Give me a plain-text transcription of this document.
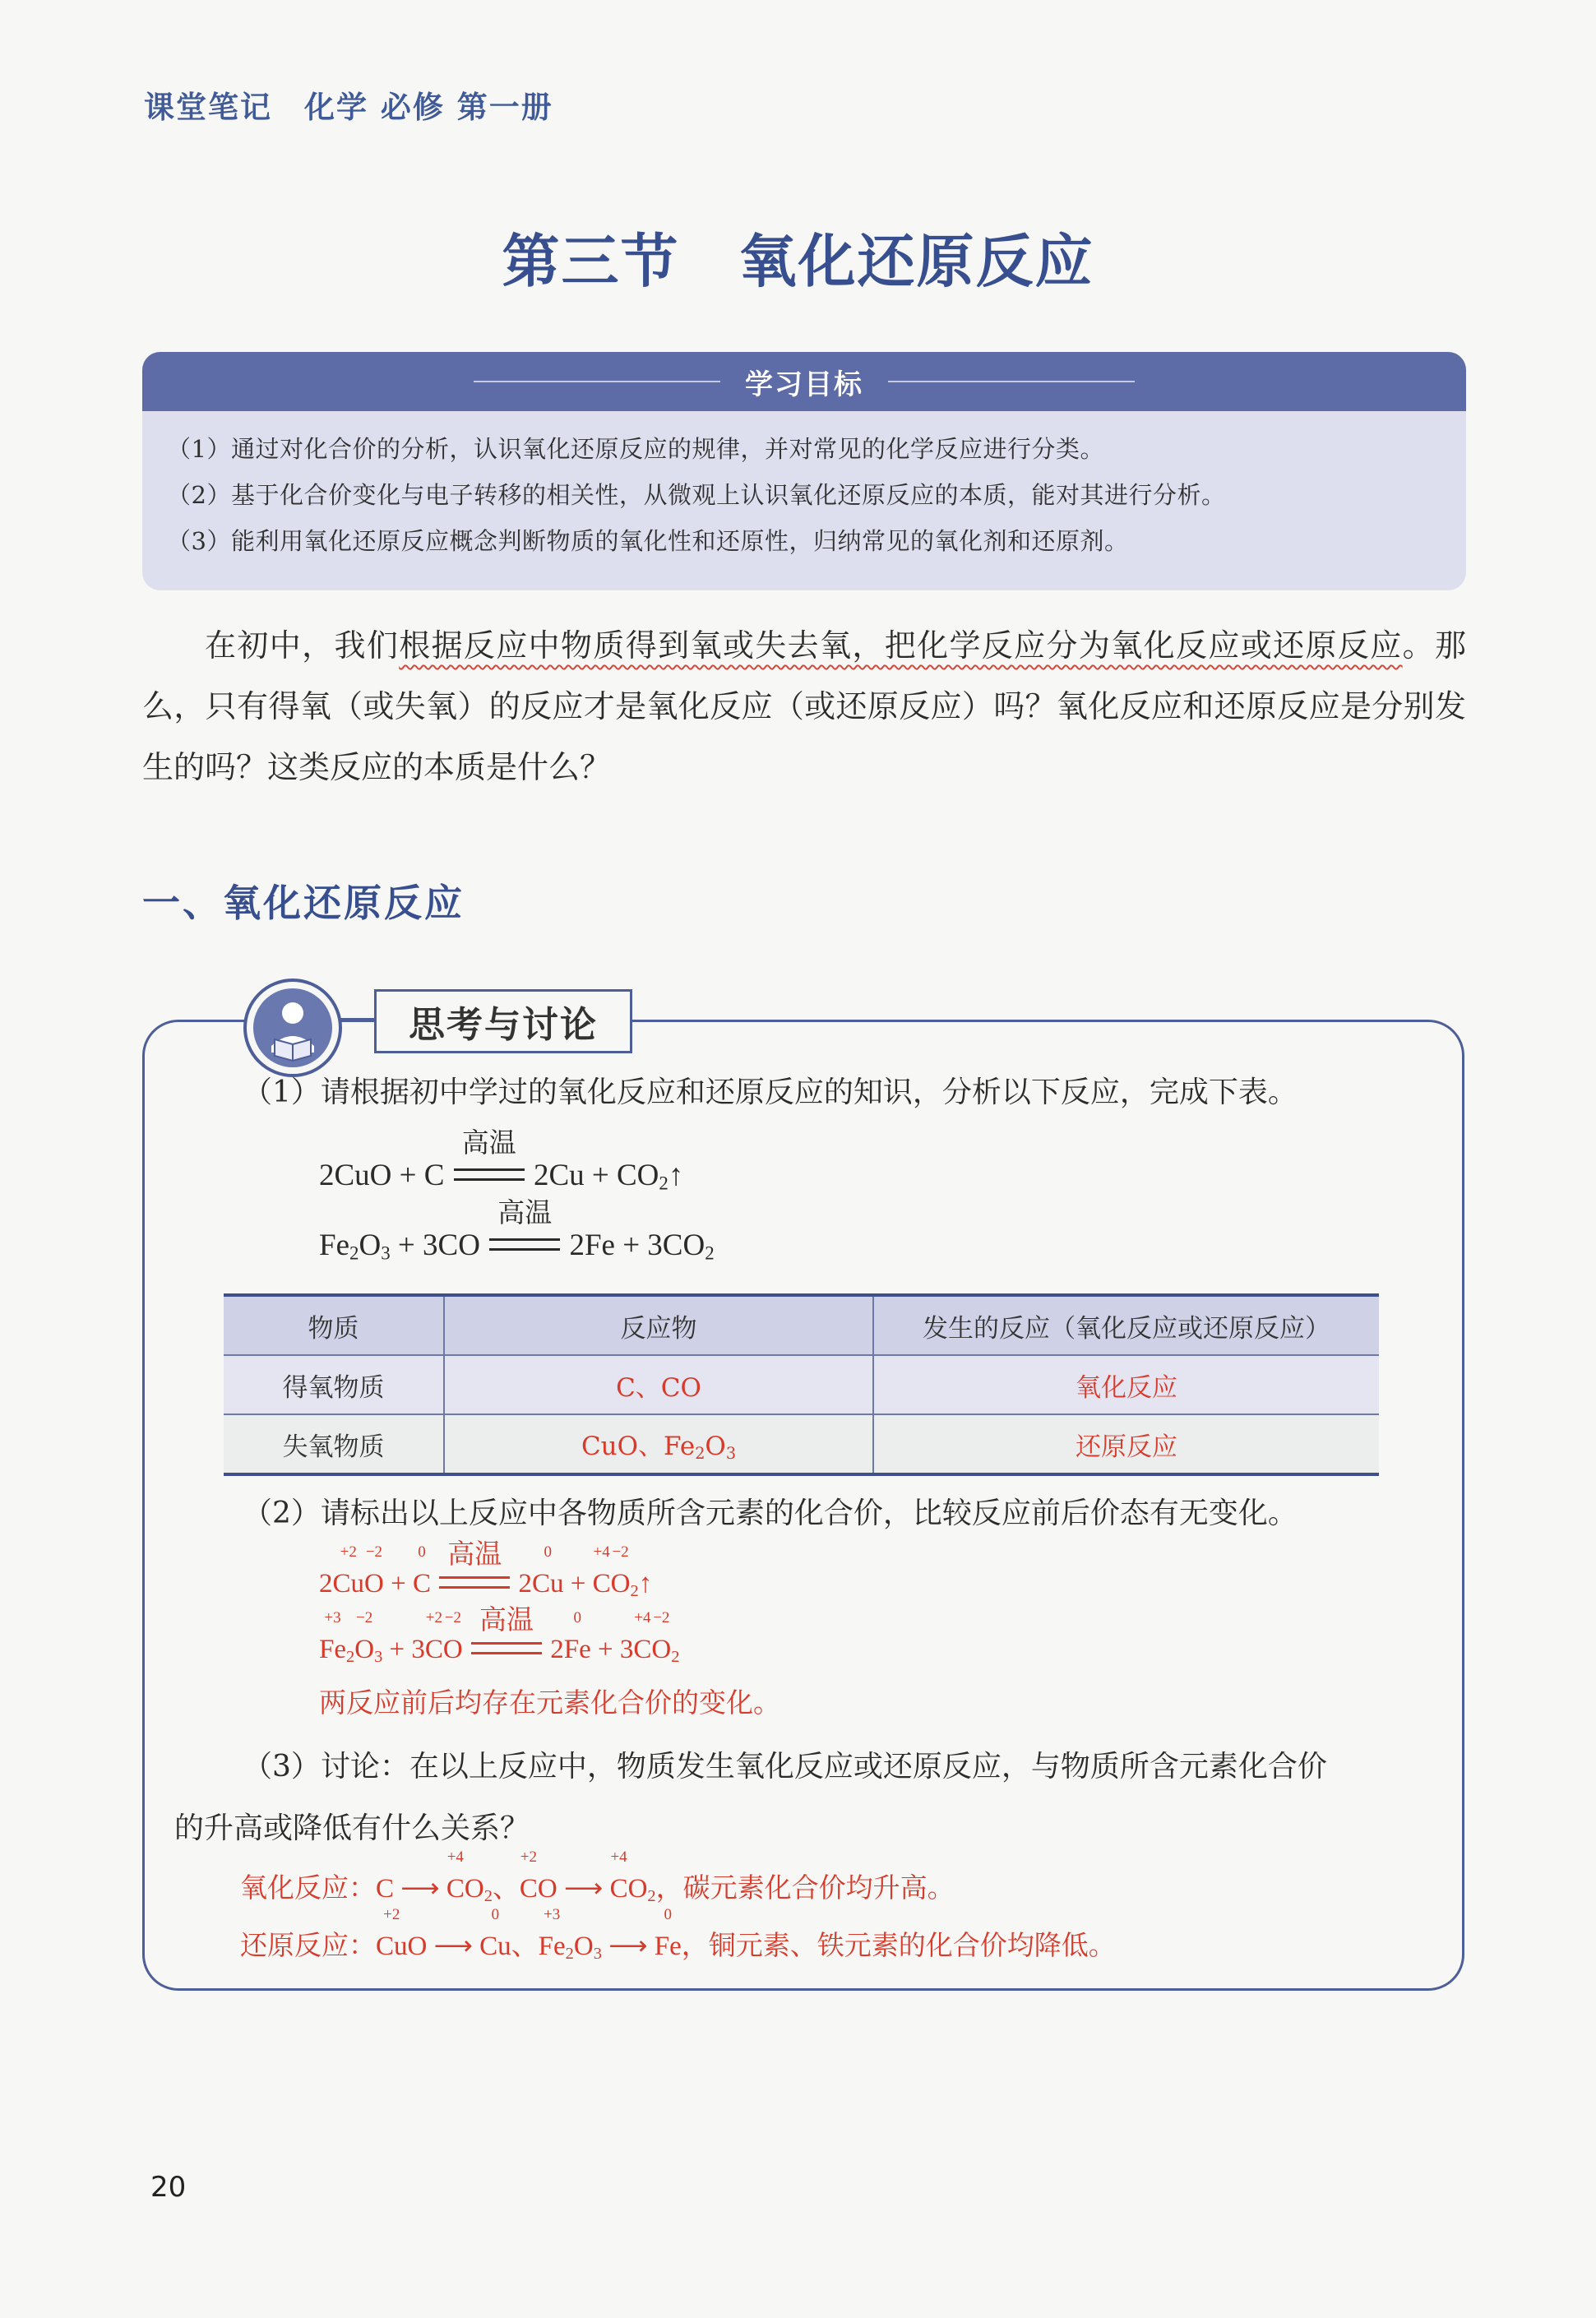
课堂笔记　化学 必修 第一册
第三节　氧化还原反应
学习目标
（1）通过对化合价的分析，认识氧化还原反应的规律，并对常见的化学反应进行分类。
（2）基于化合价变化与电子转移的相关性，从微观上认识氧化还原反应的本质，能对其进行分析。
（3）能利用氧化还原反应概念判断物质的氧化性和还原性，归纳常见的氧化剂和还原剂。
在初中，我们根据反应中物质得到氧或失去氧，把化学反应分为氧化反应或还原反应。那么，只有得氧（或失氧）的反应才是氧化反应（或还原反应）吗？氧化反应和还原反应是分别发生的吗？这类反应的本质是什么？
一、氧化还原反应
思考与讨论
（1）请根据初中学过的氧化反应和还原反应的知识，分析以下反应，完成下表。
2CuO + C
高温
$2Cu + CO_2↑$
$Fe_2O_3 + 3CO$
高温
$2Fe + 3CO_2$
物质	反应物	发生的反应（氧化反应或还原反应）
得氧物质	C、CO	氧化反应
失氧物质	CuO、$Fe_2O_3$	还原反应
（2）请标出以上反应中各物质所含元素的化合价，比较反应前后价态有无变化。
2Cu
+2
O
−2
+ C
0
高温
2Cu
0
+ C
+4
O
−2
$_2$↑
Fe
+3
$_2$O
−2
$_3$ + 3C
+2
O
−2
高温
2Fe
0
+ 3C
+4
O
−2
$_2$
两反应前后均存在元素化合价的变化。
（3）讨论：在以上反应中，物质发生氧化反应或还原反应，与物质所含元素化合价
的升高或降低有什么关系？
氧化反应：C ⟶ C
+4
$O_2$、C
+2
O ⟶ C
+4
$O_2$，碳元素化合价均升高。
还原反应：Cu
+2
O ⟶ Cu
0
、Fe
+3
$_2O_3$ ⟶ Fe
0
，铜元素、铁元素的化合价均降低。
20
